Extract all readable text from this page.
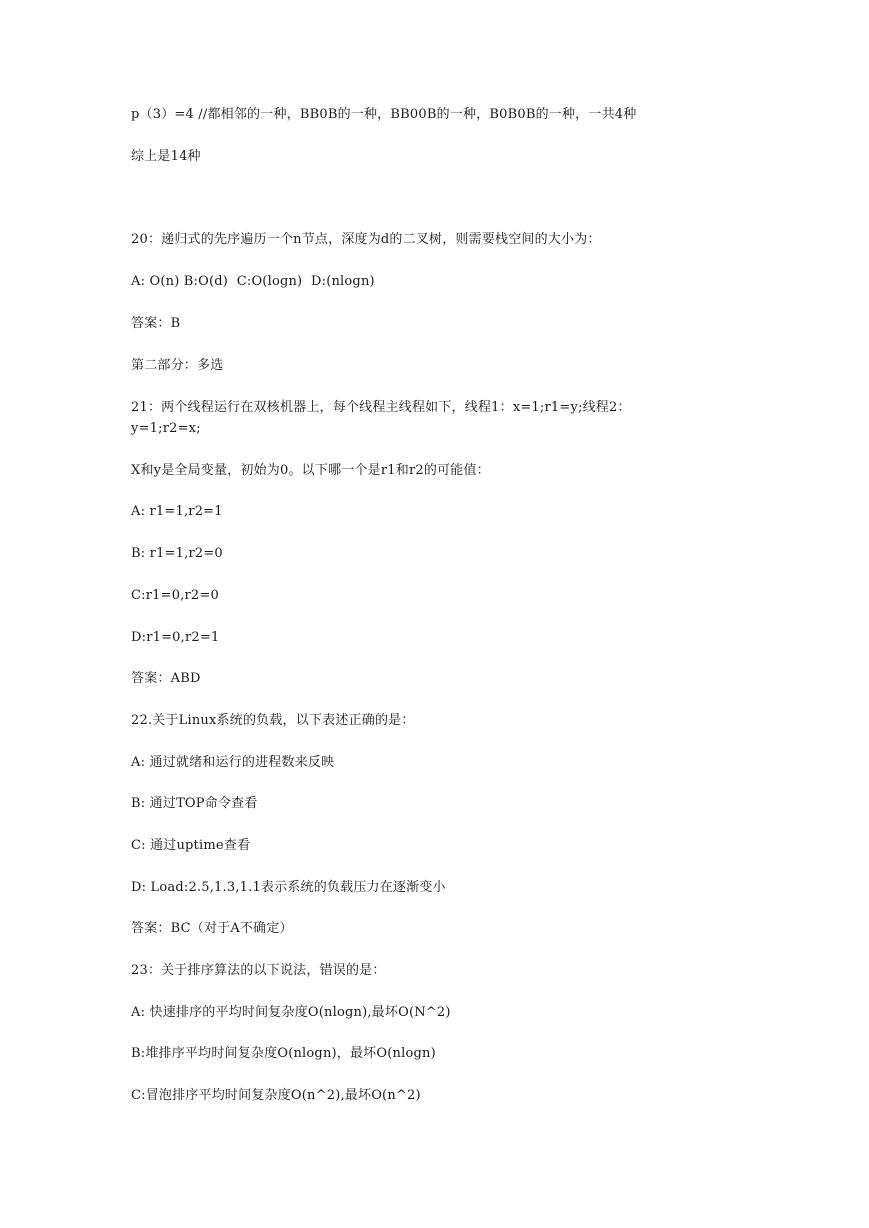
p（3）=4 //都相邻的一种，BB0B的一种，BB00B的一种，B0B0B的一种，一共4种

综上是14种

20：递归式的先序遍历一个n节点，深度为d的二叉树，则需要栈空间的大小为：

A: O(n) B:O(d)  C:O(logn)  D:(nlogn)

答案：B

第二部分：多选

21：两个线程运行在双核机器上，每个线程主线程如下，线程1：x=1;r1=y;线程2：y=1;r2=x;

X和y是全局变量，初始为0。以下哪一个是r1和r2的可能值：

A: r1=1,r2=1

B: r1=1,r2=0

C:r1=0,r2=0

D:r1=0,r2=1

答案：ABD

22.关于Linux系统的负载，以下表述正确的是：

A: 通过就绪和运行的进程数来反映

B: 通过TOP命令查看

C: 通过uptime查看

D: Load:2.5,1.3,1.1表示系统的负载压力在逐渐变小

答案：BC（对于A不确定）

23：关于排序算法的以下说法，错误的是：

A: 快速排序的平均时间复杂度O(nlogn),最坏O(N^2)

B:堆排序平均时间复杂度O(nlogn)，最坏O(nlogn)

C:冒泡排序平均时间复杂度O(n^2),最坏O(n^2)
